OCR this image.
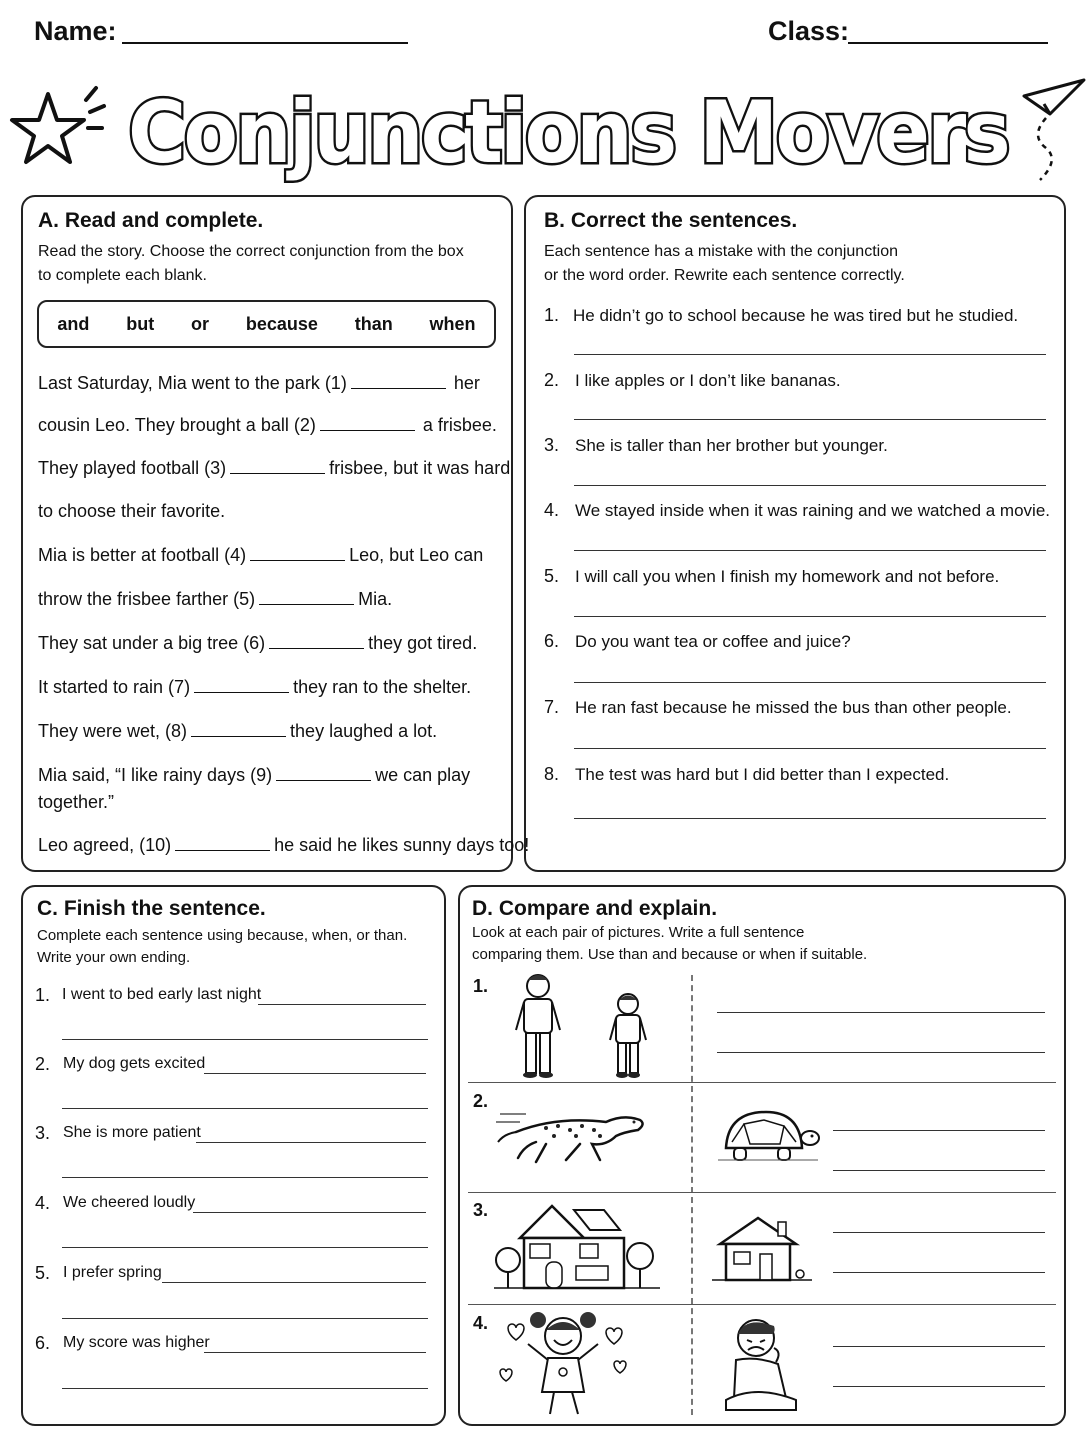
Name:	Class:
Conjunctions Movers
A. Read and complete.
Read the story. Choose the correct conjunction from the box
to complete each blank.
and but or because than when
Last Saturday, Mia went to the park (1)	her
cousin Leo. They brought a ball (2)	a frisbee.
They played football (3)	frisbee, but it was hard
to choose their favorite.
Mia is better at football (4)	Leo, but Leo can
throw the frisbee farther (5)	Mia.
They sat under a big tree (6)	they got tired.
It started to rain (7)	they ran to the shelter.
They were wet, (8)	they laughed a lot.
Mia said, “I like rainy days (9)	we can play
together.”
Leo agreed, (10)	he said he likes sunny days too!
B. Correct the sentences.
Each sentence has a mistake with the conjunction
or the word order. Rewrite each sentence correctly.
1. He didn’t go to school because he was tired but he studied.
2. I like apples or I don’t like bananas.
3. She is taller than her brother but younger.
4. We stayed inside when it was raining and we watched a movie.
5. I will call you when I finish my homework and not before.
6. Do you want tea or coffee and juice?
7. He ran fast because he missed the bus than other people.
8. The test was hard but I did better than I expected.
C. Finish the sentence.
Complete each sentence using because, when, or than.
Write your own ending.
1. I went to bed early last night
2. My dog gets excited
3. She is more patient
4. We cheered loudly
5. I prefer spring
6. My score was higher
D. Compare and explain.
Look at each pair of pictures. Write a full sentence
comparing them. Use than and because or when if suitable.
1.
2.
3.
4.
